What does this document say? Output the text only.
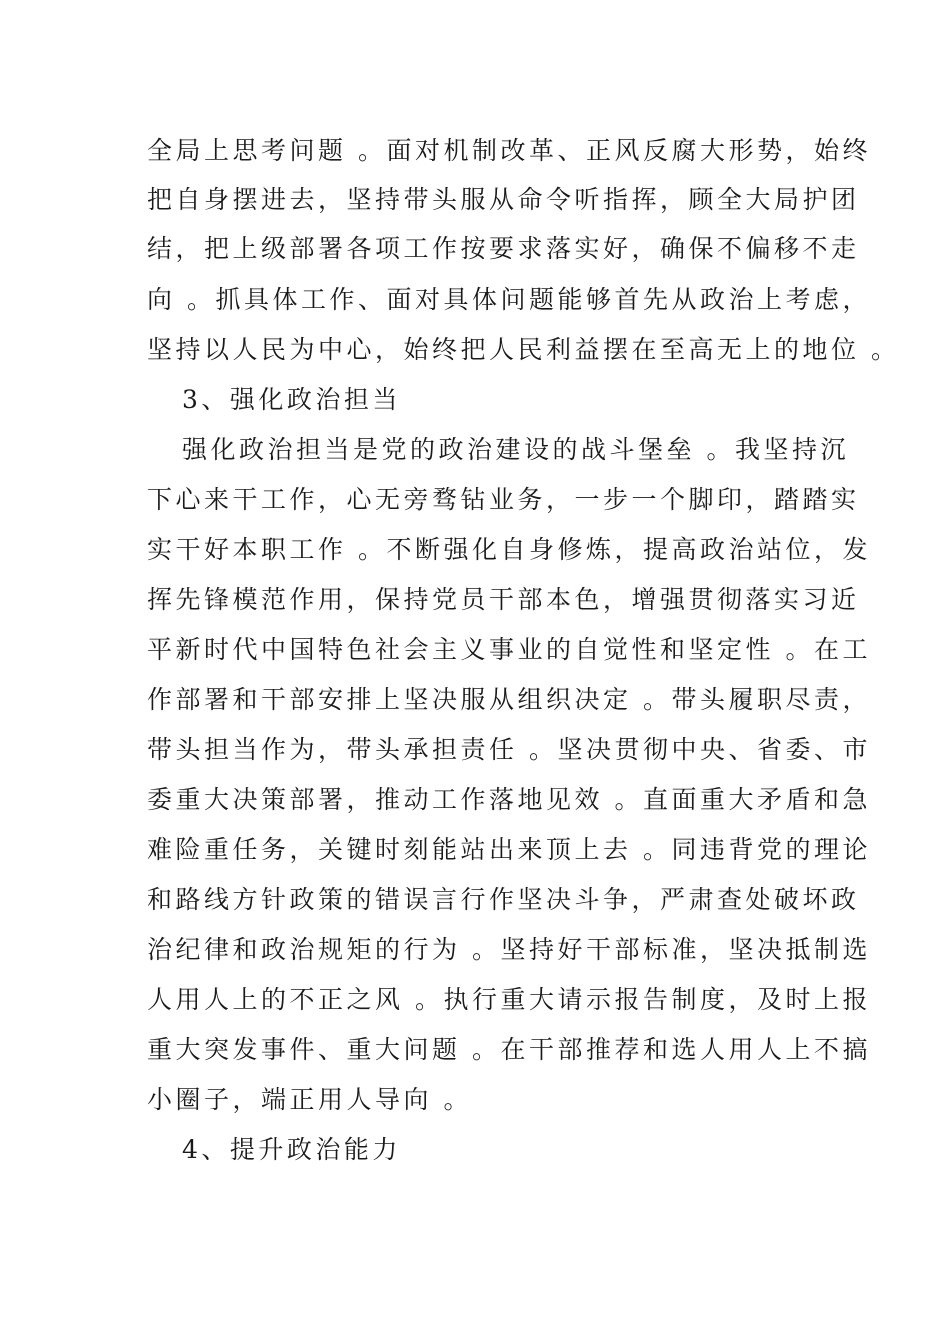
全局上思考问题 。面对机制改革、正风反腐大形势，始终
把自身摆进去，坚持带头服从命令听指挥，顾全大局护团
结，把上级部署各项工作按要求落实好，确保不偏移不走
向 。抓具体工作、面对具体问题能够首先从政治上考虑，
坚持以人民为中心，始终把人民利益摆在至高无上的地位 。
3、强化政治担当
强化政治担当是党的政治建设的战斗堡垒 。我坚持沉
下心来干工作，心无旁骛钻业务，一步一个脚印，踏踏实
实干好本职工作 。不断强化自身修炼，提高政治站位，发
挥先锋模范作用，保持党员干部本色，增强贯彻落实习近
平新时代中国特色社会主义事业的自觉性和坚定性 。在工
作部署和干部安排上坚决服从组织决定 。带头履职尽责，
带头担当作为，带头承担责任 。坚决贯彻中央、省委、市
委重大决策部署，推动工作落地见效 。直面重大矛盾和急
难险重任务，关键时刻能站出来顶上去 。同违背党的理论
和路线方针政策的错误言行作坚决斗争，严肃查处破坏政
治纪律和政治规矩的行为 。坚持好干部标准，坚决抵制选
人用人上的不正之风 。执行重大请示报告制度，及时上报
重大突发事件、重大问题 。在干部推荐和选人用人上不搞
小圈子，端正用人导向 。
4、提升政治能力
